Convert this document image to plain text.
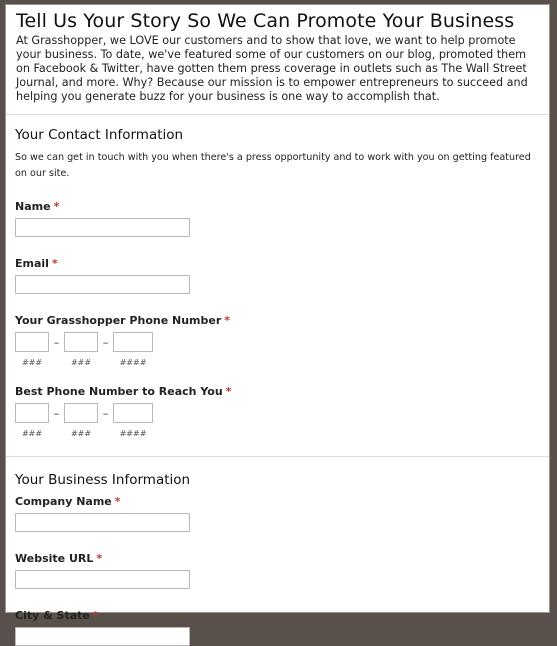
Tell Us Your Story So We Can Promote Your Business
At Grasshopper, we LOVE our customers and to show that love, we want to help promote your business. To date, we've featured some of our customers on our blog, promoted them on Facebook & Twitter, have gotten them press coverage in outlets such as The Wall Street Journal, and more. Why? Because our mission is to empower entrepreneurs to succeed and helping you generate buzz for your business is one way to accomplish that.
Your Contact Information
So we can get in touch with you when there's a press opportunity and to work with you on getting featured on our site.
Name *
Email *
Your Grasshopper Phone Number *
–	–
###	###	####
Best Phone Number to Reach You *
–	–
###	###	####
Your Business Information
Company Name *
Website URL *
City & State *
